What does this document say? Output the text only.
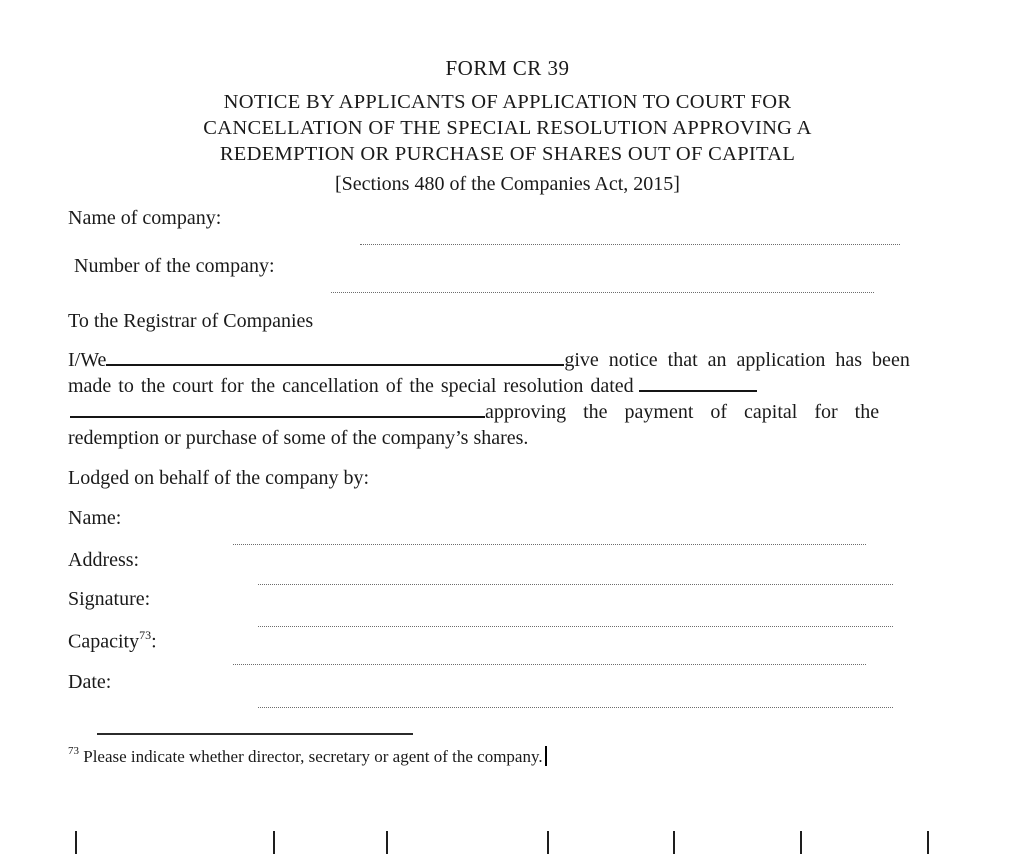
FORM CR 39
NOTICE BY APPLICANTS OF APPLICATION TO COURT FOR
CANCELLATION OF THE SPECIAL RESOLUTION APPROVING A
REDEMPTION OR PURCHASE OF SHARES OUT OF CAPITAL
[Sections 480 of the Companies Act, 2015]
Name of company:
Number of the company:
To the Registrar of Companies
I/We	give notice that an application has been
made to the court for the cancellation of the special resolution dated
approving the payment of capital for the
redemption or purchase of some of the company’s shares.
Lodged on behalf of the company by:
Name:
Address:
Signature:
Capacity$^{73}$:
Date:
$^{73}$ Please indicate whether director, secretary or agent of the company.
